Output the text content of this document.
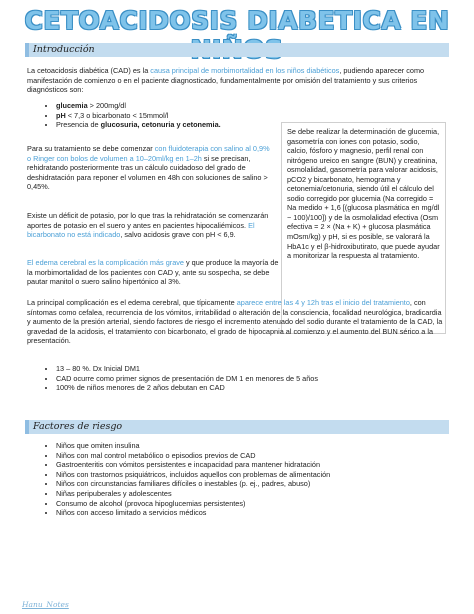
CETOACIDOSIS DIABETICA EN
Introducción
La cetoacidosis diabética (CAD) es la causa principal de morbimortalidad en los niños diabéticos, pudiendo aparecer como manifestación de comienzo o en el paciente diagnosticado, fundamentalmente por omisión del tratamiento y sus criterios diagnósticos son:
• glucemia > 200mg/dl
• pH < 7,3 o bicarbonato < 15mmol/l
• Presencia de glucosuria, cetonuria y cetonemia.
Para su tratamiento se debe comenzar con fluidoterapia con salino al 0,9% o Ringer con bolos de volumen a 10–20ml/kg en 1–2h si se precisan, rehidratando posteriormente tras un cálculo cuidadoso del grado de deshidratación para reponer el volumen en 48h con soluciones de salino > 0,45%.
Existe un déficit de potasio, por lo que tras la rehidratación se comenzarán aportes de potasio en el suero y antes en pacientes hipocaliémicos. El bicarbonato no está indicado, salvo acidosis grave con pH < 6,9.
Se debe realizar la determinación de glucemia, gasometría con iones con potasio, sodio, calcio, fósforo y magnesio, perfil renal con nitrógeno ureico en sangre (BUN) y creatinina, osmolalidad, gasometría para valorar acidosis, pCO2 y bicarbonato, hemograma y cetonemia/cetonuria, siendo útil el cálculo del sodio corregido por glucemia (Na corregido = Na medido + 1,6 [(glucosa plasmática en mg/dl − 100)/100]) y de la osmolalidad efectiva (Osm efectiva = 2 × (Na + K) + glucosa plasmática mOsm/kg) y pH, si es posible, se valorará la HbA1c y el β-hidroxibutirato, que puede ayudar a monitorizar la respuesta al tratamiento.
El edema cerebral es la complicación más grave y que produce la mayoría de la morbimortalidad de los pacientes con CAD y, ante su sospecha, se debe pautar manitol o suero salino hipertónico al 3%.
La principal complicación es el edema cerebral, que típicamente aparece entre las 4 y 12h tras el inicio del tratamiento, con síntomas como cefalea, recurrencia de los vómitos, irritabilidad o alteración de la consciencia, focalidad neurológica, bradicardia y aumento de la presión arterial, siendo factores de riesgo el incremento atenuado del sodio durante el tratamiento de la CAD, la gravedad de la acidosis, el tratamiento con bicarbonato, el grado de hipocapnia al comienzo y el aumento del BUN sérico a la presentación.
• 13 – 80 %. Dx Inicial DM1
• CAD ocurre como primer signos de presentación de DM 1 en menores de 5 años
• 100% de niños menores de 2 años debutan en CAD
Factores de riesgo
• Niños que omiten insulina
• Niños con mal control metabólico o episodios previos de CAD
• Gastroenteritis con vómitos persistentes e incapacidad para mantener hidratación
• Niños con trastornos psiquiátricos, incluidos aquellos con problemas de alimentación
• Niños con circunstancias familiares difíciles o inestables (p. ej., padres, abuso)
• Niñas peripuberales y adolescentes
• Consumo de alcohol (provoca hipoglucemias persistentes)
• Niños con acceso limitado a servicios médicos
Hanu_Notes
